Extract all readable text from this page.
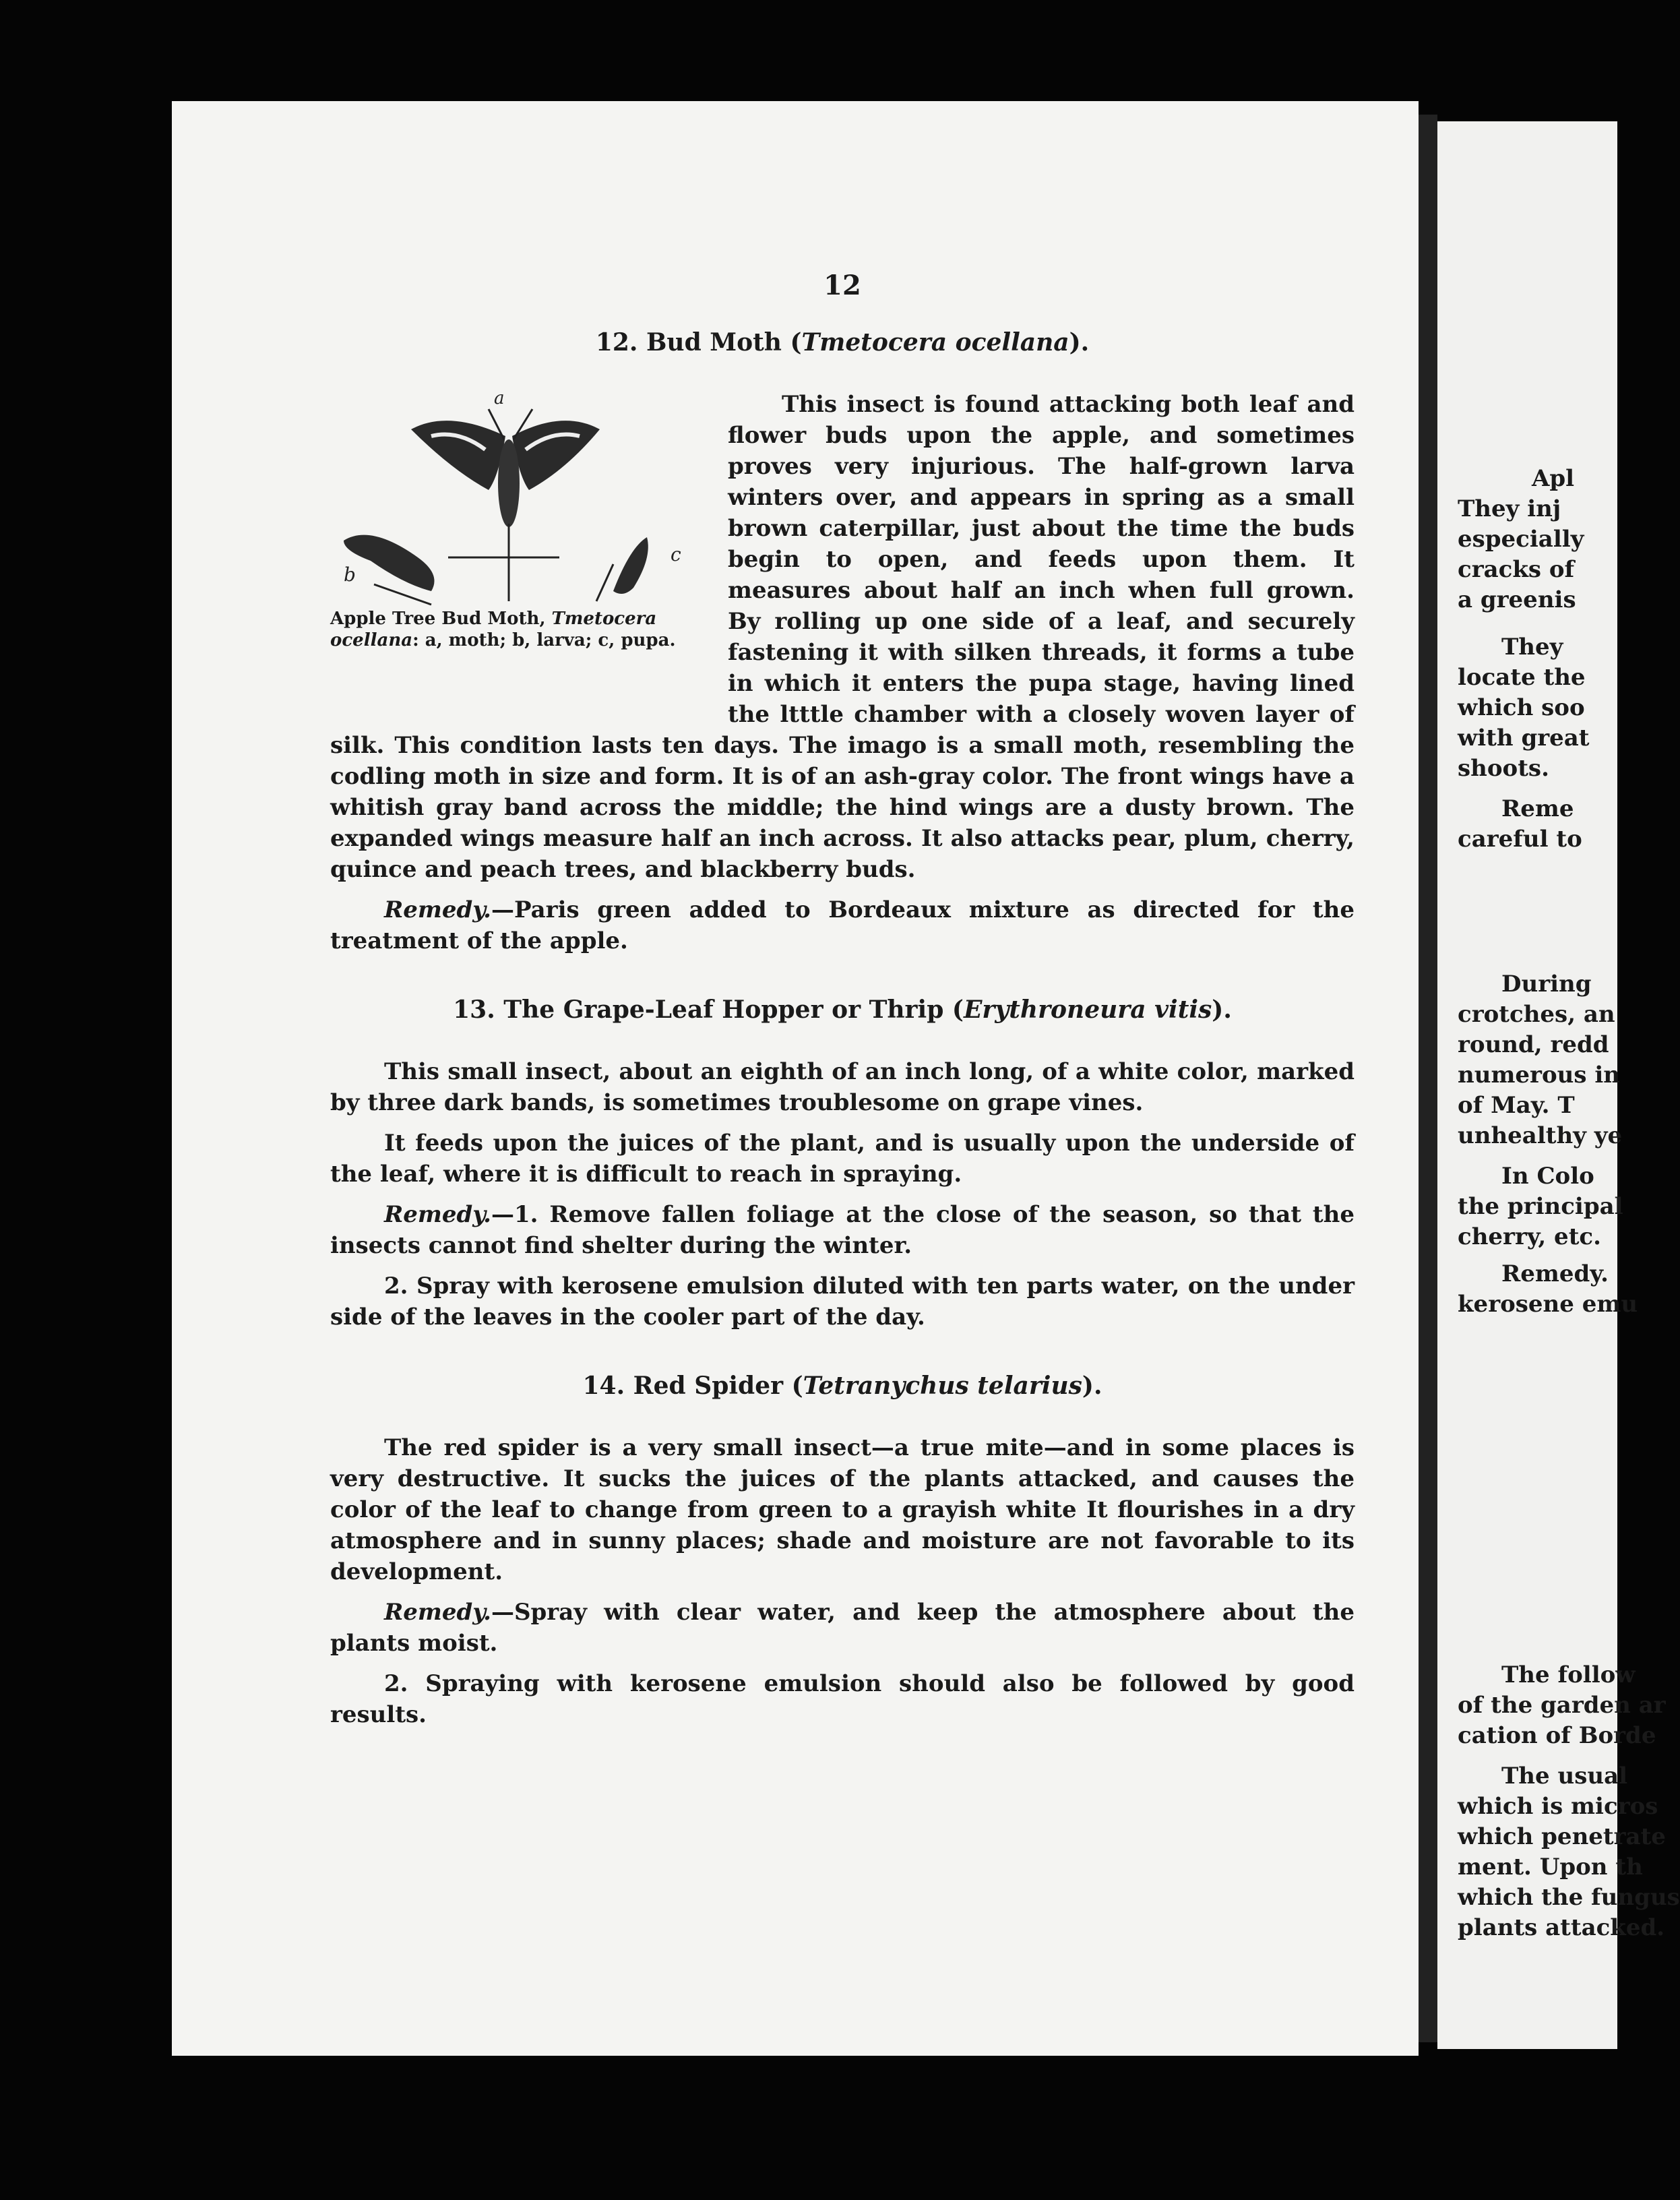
Apl
They inj
especially
cracks of
a greenis
They
locate the
which soo
with great
shoots.
Reme
careful to
During
crotches, an
round, redd
numerous in
of May. T
unhealthy ye
In Colo
the principal
cherry, etc.
Remedy.
kerosene emu
The follow
of the garden ar
cation of Borde
The usual
which is micros
which penetrate
ment. Upon th
which the fungus
plants attacked.
12
12. Bud Moth (Tmetocera ocellana).
a
b
c
Apple Tree Bud Moth, Tmetocera ocellana: a, moth; b, larva; c, pupa.

This insect is found attacking both leaf and flower buds upon the apple, and sometimes proves very injurious. The half-grown larva winters over, and appears in spring as a small brown caterpillar, just about the time the buds begin to open, and feeds upon them. It measures about half an inch when full grown. By rolling up one side of a leaf, and securely fastening it with silken threads, it forms a tube in which it enters the pupa stage, having lined the ltttle chamber with a closely woven layer of silk. This condition lasts ten days. The imago is a small moth, resembling the codling moth in size and form. It is of an ash-gray color. The front wings have a whitish gray band across the middle; the hind wings are a dusty brown. The expanded wings measure half an inch across. It also attacks pear, plum, cherry, quince and peach trees, and blackberry buds.

Remedy.—Paris green added to Bordeaux mixture as directed for the treatment of the apple.

13. The Grape-Leaf Hopper or Thrip (Erythroneura vitis).

This small insect, about an eighth of an inch long, of a white color, marked by three dark bands, is sometimes troublesome on grape vines.

It feeds upon the juices of the plant, and is usually upon the underside of the leaf, where it is difficult to reach in spraying.

Remedy.—1. Remove fallen foliage at the close of the season, so that the insects cannot find shelter during the winter.

2. Spray with kerosene emulsion diluted with ten parts water, on the under side of the leaves in the cooler part of the day.

14. Red Spider (Tetranychus telarius).

The red spider is a very small insect—a true mite—and in some places is very destructive. It sucks the juices of the plants attacked, and causes the color of the leaf to change from green to a grayish white It flourishes in a dry atmosphere and in sunny places; shade and moisture are not favorable to its development.

Remedy.—Spray with clear water, and keep the atmosphere about the plants moist.

2. Spraying with kerosene emulsion should also be followed by good results.
